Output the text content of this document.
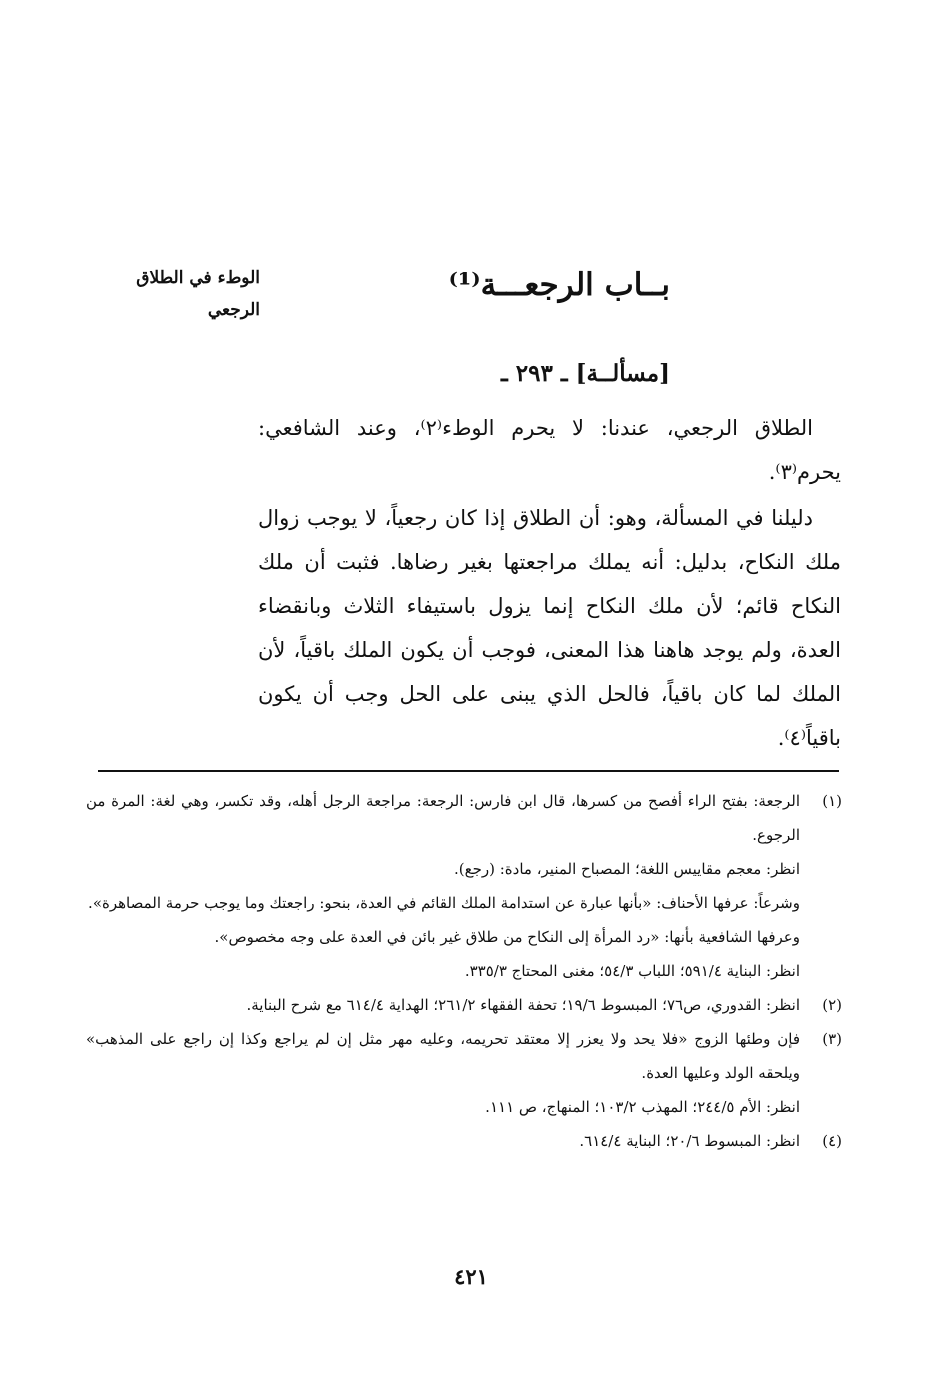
الوطء في الطلاق
الرجعي
بــاب الرجعـــة⁽¹⁾
[مسألــة] ـ ٢٩٣ ـ

الطلاق الرجعي، عندنا: لا يحرم الوطء⁽٢⁾، وعند الشافعي: يحرم⁽٣⁾.

دليلنا في المسألة، وهو: أن الطلاق إذا كان رجعياً، لا يوجب زوال ملك النكاح، بدليل: أنه يملك مراجعتها بغير رضاها. فثبت أن ملك النكاح قائم؛ لأن ملك النكاح إنما يزول باستيفاء الثلاث وبانقضاء العدة، ولم يوجد هاهنا هذا المعنى، فوجب أن يكون الملك باقياً، لأن الملك لما كان باقياً، فالحل الذي يبنى على الحل وجب أن يكون باقياً⁽٤⁾.

(١)
الرجعة: بفتح الراء أفصح من كسرها، قال ابن فارس: الرجعة: مراجعة الرجل أهله، وقد تكسر، وهي لغة: المرة من الرجوع.
انظر: معجم مقاييس اللغة؛ المصباح المنير، مادة: (رجع).
وشرعاً: عرفها الأحناف: «بأنها عبارة عن استدامة الملك القائم في العدة، بنحو: راجعتك وما يوجب حرمة المصاهرة».
وعرفها الشافعية بأنها: «رد المرأة إلى النكاح من طلاق غير بائن في العدة على وجه مخصوص».
انظر: البناية ٥٩١/٤؛ اللباب ٥٤/٣؛ مغنى المحتاج ٣٣٥/٣.
(٢)
انظر: القدوري، ص٧٦؛ المبسوط ١٩/٦؛ تحفة الفقهاء ٢٦١/٢؛ الهداية ٦١٤/٤ مع شرح البناية.
(٣)
فإن وطئها الزوج «فلا يحد ولا يعزر إلا معتقد تحريمه، وعليه مهر مثل إن لم يراجع وكذا إن راجع على المذهب» ويلحقه الولد وعليها العدة.
انظر: الأم ٢٤٤/٥؛ المهذب ١٠٣/٢؛ المنهاج، ص ١١١.
(٤)
انظر: المبسوط ٢٠/٦؛ البناية ٦١٤/٤.
٤٢١
